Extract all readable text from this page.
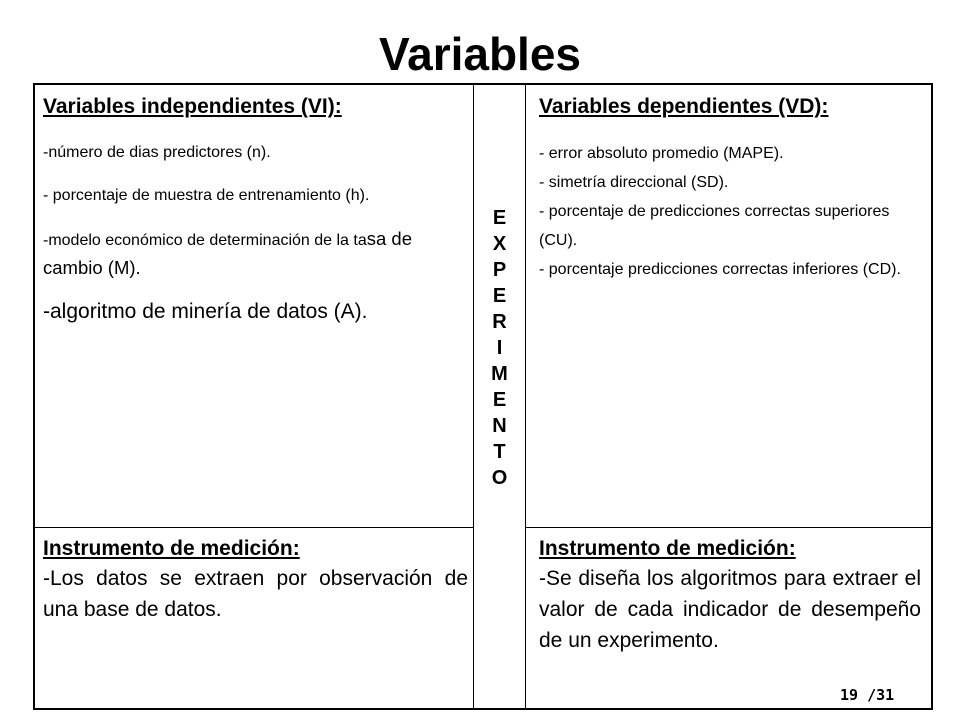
Variables

Variables independientes (VI):

-número de dias predictores (n).

- porcentaje de muestra de entrenamiento (h).

-modelo económico de determinación de la tasa de cambio (M).

-algoritmo de minería de datos (A).

Variables dependientes (VD):

- error absoluto promedio (MAPE).

- simetría direccional (SD).

- porcentaje de predicciones correctas superiores (CU).

- porcentaje predicciones correctas inferiores (CD).

Instrumento de medición:

-Los datos se extraen por observación de una base de datos.

Instrumento de medición:

-Se diseña los algoritmos para extraer el valor de cada indicador de desempeño de un experimento.

E
X
P
E
R
I
M
E
N
T
O
19 /31
